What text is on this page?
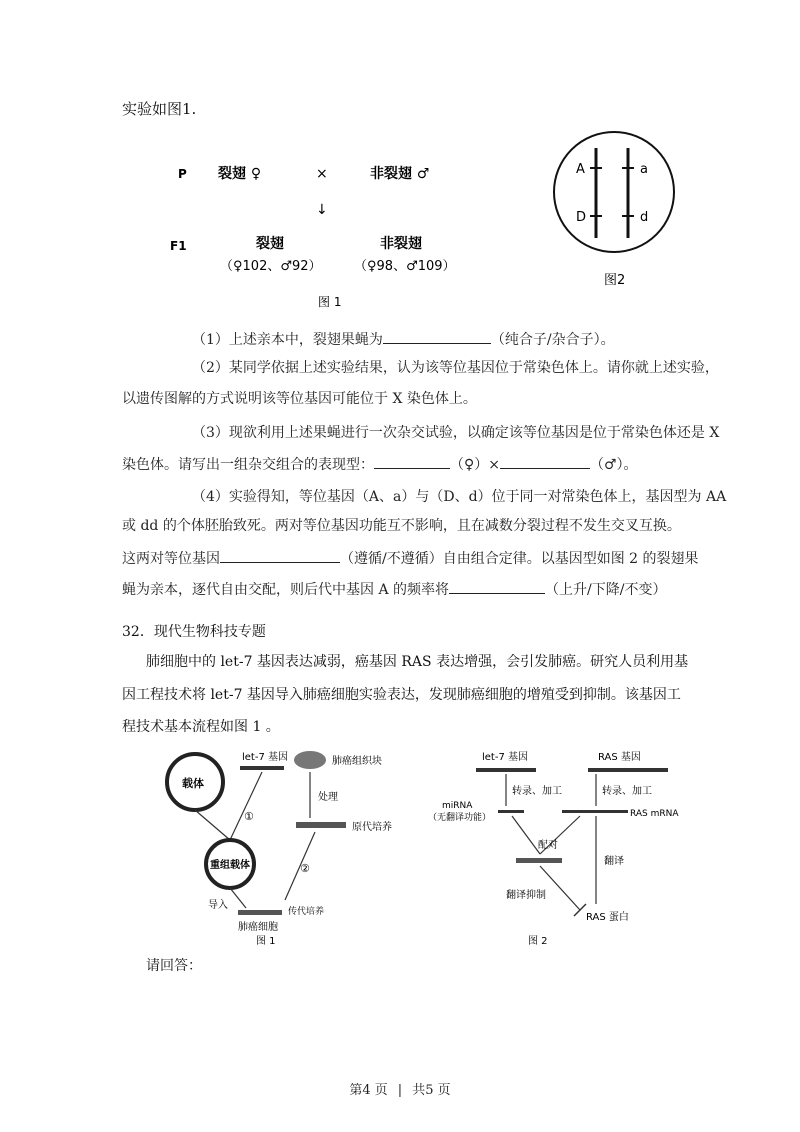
实验如图1.
P 裂翅 ♀	×	非裂翅 ♂
↓
F1	裂翅
（♀102、♂92）
非裂翅
（♀98、♂109）
图 1
A	a
D	d
图2
（1）上述亲本中，裂翅果蝇为	（纯合子/杂合子）。
（2）某同学依据上述实验结果，认为该等位基因位于常染色体上。请你就上述实验，
以遗传图解的方式说明该等位基因可能位于 X 染色体上。
（3）现欲利用上述果蝇进行一次杂交试验，以确定该等位基因是位于常染色体还是 X
染色体。请写出一组杂交组合的表现型：	（♀）×	（♂）。
（4）实验得知，等位基因（A、a）与（D、d）位于同一对常染色体上，基因型为 AA
或 dd 的个体胚胎致死。两对等位基因功能互不影响，且在减数分裂过程不发生交叉互换。
这两对等位基因	（遵循/不遵循）自由组合定律。以基因型如图 2 的裂翅果
蝇为亲本，逐代自由交配，则后代中基因 A 的频率将	（上升/下降/不变）
32．现代生物科技专题
肺细胞中的 let-7 基因表达减弱，癌基因 RAS 表达增强，会引发肺癌。研究人员利用基
因工程技术将 let-7 基因导入肺癌细胞实验表达，发现肺癌细胞的增殖受到抑制。该基因工
程技术基本流程如图 1 。
载体
let-7 基因	肺癌组织块
①
重组载体
处理
原代培养
②
导入
传代培养
肺癌细胞
图 1
let-7 基因	RAS 基因
转录、加工	转录、加工
miRNA
（无翻译功能）	RAS mRNA
配对
翻译抑制
翻译
RAS 蛋白
图 2
请回答：
第4 页 | 共5 页
